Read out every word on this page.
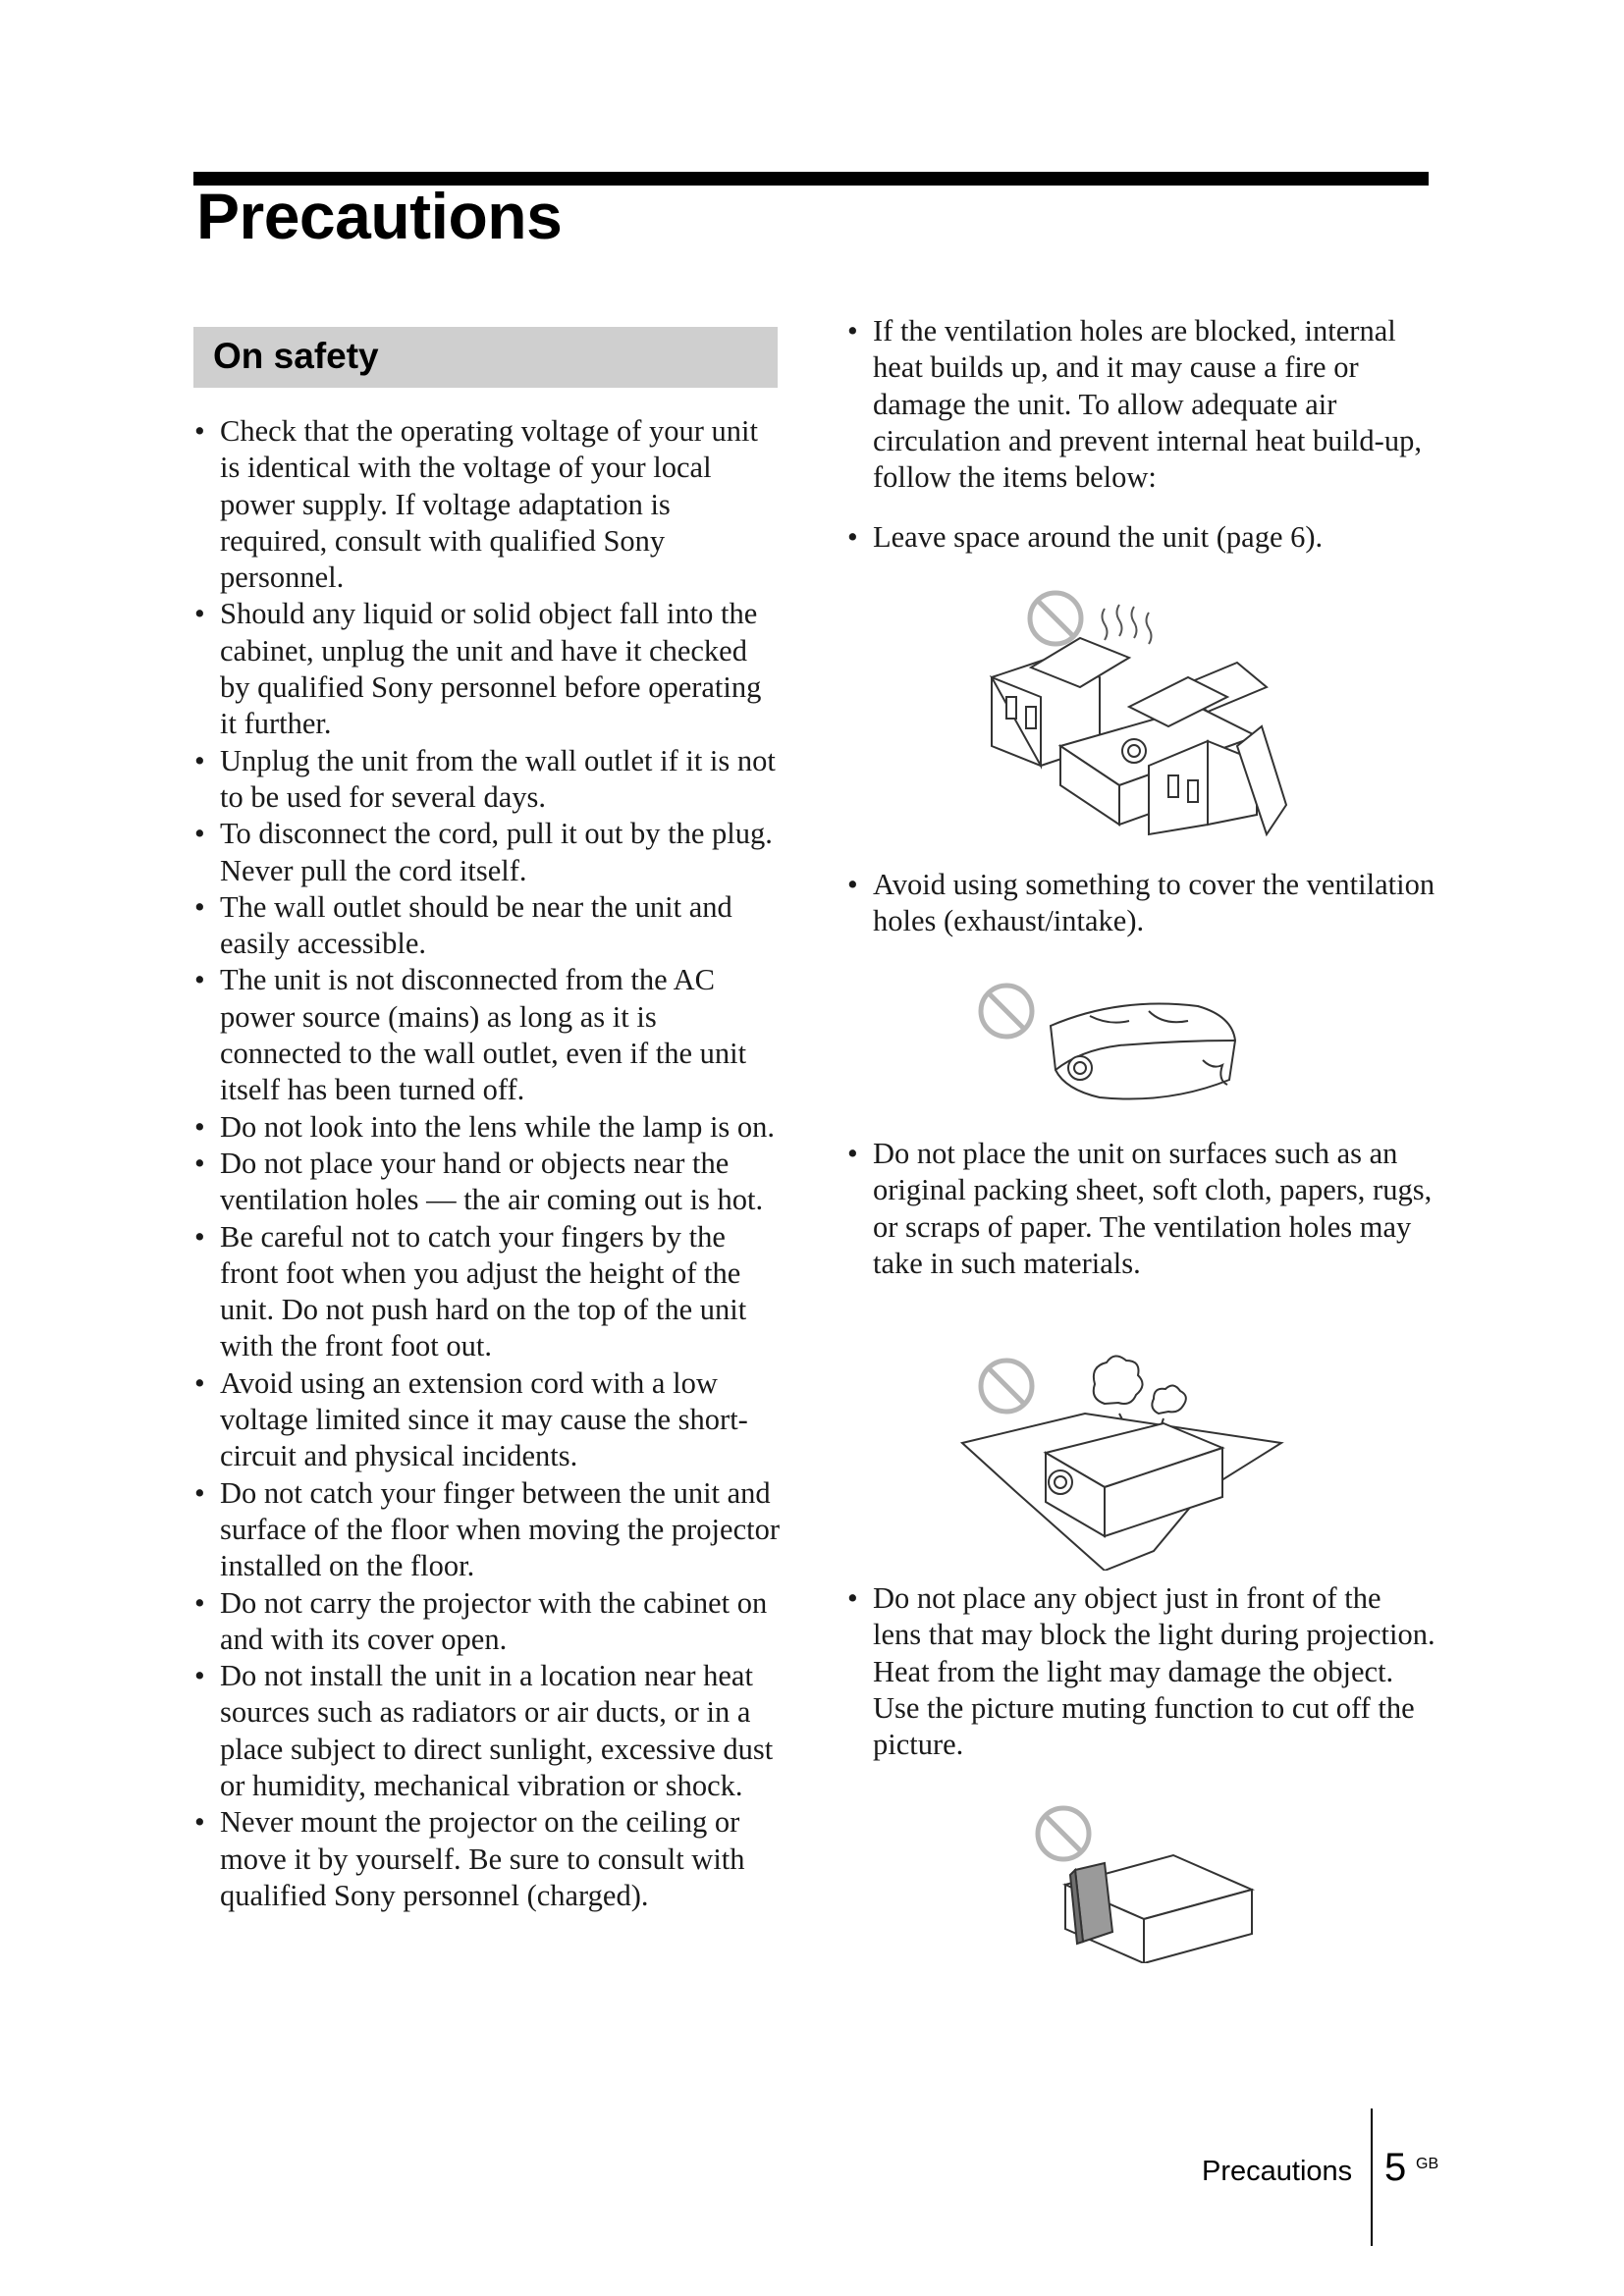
Precautions
On safety
• Check that the operating voltage of your unit is identical with the voltage of your local power supply. If voltage adaptation is required, consult with qualified Sony personnel.
• Should any liquid or solid object fall into the cabinet, unplug the unit and have it checked by qualified Sony personnel before operating it further.
• Unplug the unit from the wall outlet if it is not to be used for several days.
• To disconnect the cord, pull it out by the plug. Never pull the cord itself.
• The wall outlet should be near the unit and easily accessible.
• The unit is not disconnected from the AC power source (mains) as long as it is connected to the wall outlet, even if the unit itself has been turned off.
• Do not look into the lens while the lamp is on.
• Do not place your hand or objects near the ventilation holes — the air coming out is hot.
• Be careful not to catch your fingers by the front foot when you adjust the height of the unit. Do not push hard on the top of the unit with the front foot out.
• Avoid using an extension cord with a low voltage limited since it may cause the short-circuit and physical incidents.
• Do not catch your finger between the unit and surface of the floor when moving the projector installed on the floor.
• Do not carry the projector with the cabinet on and with its cover open.
• Do not install the unit in a location near heat sources such as radiators or air ducts, or in a place subject to direct sunlight, excessive dust or humidity, mechanical vibration or shock.
• Never mount the projector on the ceiling or move it by yourself. Be sure to consult with qualified Sony personnel (charged).
• If the ventilation holes are blocked, internal heat builds up, and it may cause a fire or damage the unit. To allow adequate air circulation and prevent internal heat build-up, follow the items below:
• Leave space around the unit (page 6).
• Avoid using something to cover the ventilation holes (exhaust/intake).
• Do not place the unit on surfaces such as an original packing sheet, soft cloth, papers, rugs, or scraps of paper. The ventilation holes may take in such materials.
• Do not place any object just in front of the lens that may block the light during projection. Heat from the light may damage the object. Use the picture muting function to cut off the picture.
Precautions 5 GB
